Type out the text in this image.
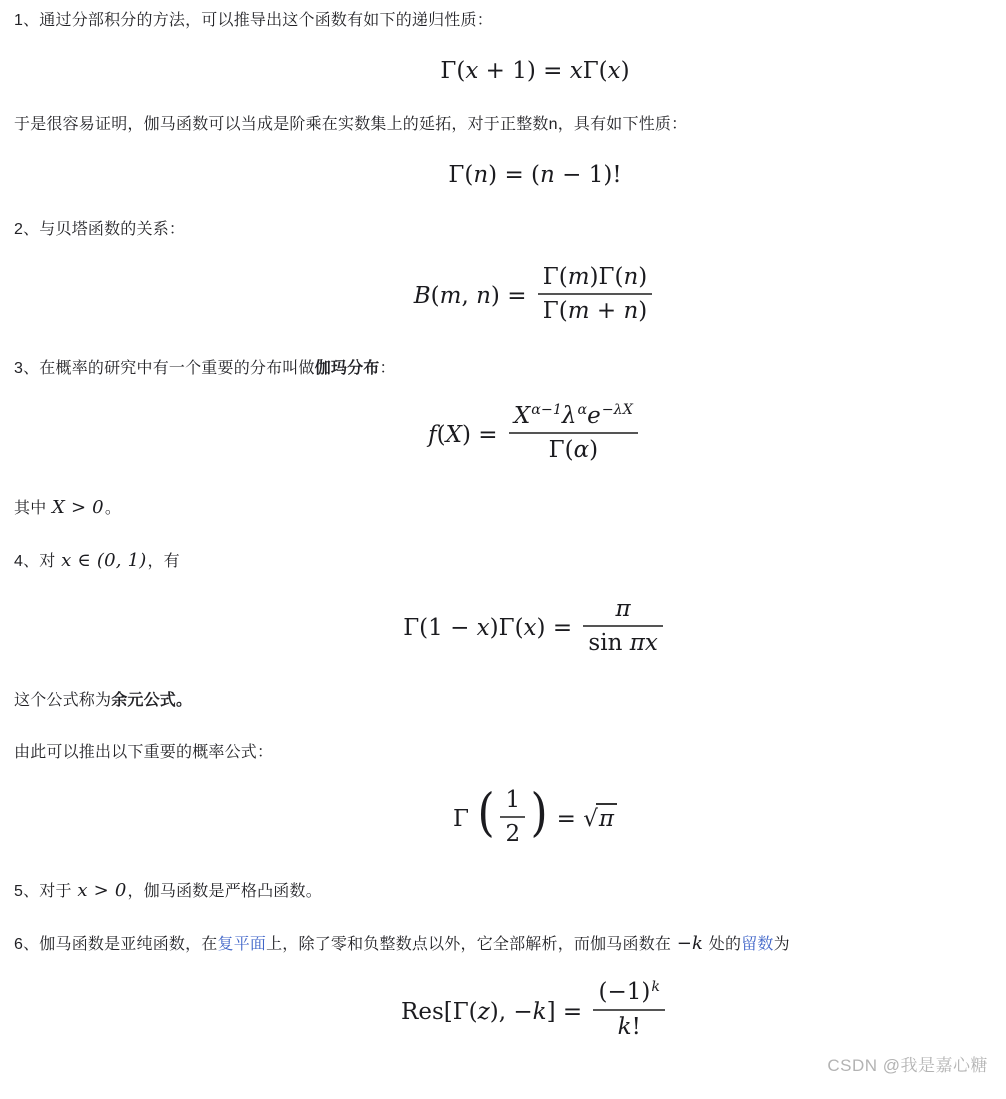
1、通过分部积分的方法，可以推导出这个函数有如下的递归性质：

Γ(x + 1) = xΓ(x)

于是很容易证明，伽马函数可以当成是阶乘在实数集上的延拓，对于正整数n，具有如下性质：

Γ(n) = (n − 1)!

2、与贝塔函数的关系：

B(m, $n) = \frac{\Gamma(m)\Gamma(n)}{\Gamma(m + n)}$

3、在概率的研究中有一个重要的分布叫做伽玛分布：

f(X) =
$X^{\alpha-1}\lambda^\alpha e^{-\lambda X}$
Γ(α)

其中 X > 0。

4、对 x ∈ (0, 1)，有

$\Gamma(1 - x)\Gamma(x) = \frac{\pi}{\text{sin πx}}$

这个公式称为余元公式。

由此可以推出以下重要的概率公式：

Γ ( $\frac{1}{2}$ ) = √π

5、对于 x > 0，伽马函数是严格凸函数。

6、伽马函数是亚纯函数，在复平面上，除了零和负整数点以外，它全部解析，而伽马函数在 −k 处的留数为

Res[Γ(z), $-k] = \frac{(-1)^k}{k!}$
CSDN @我是嘉心糖
